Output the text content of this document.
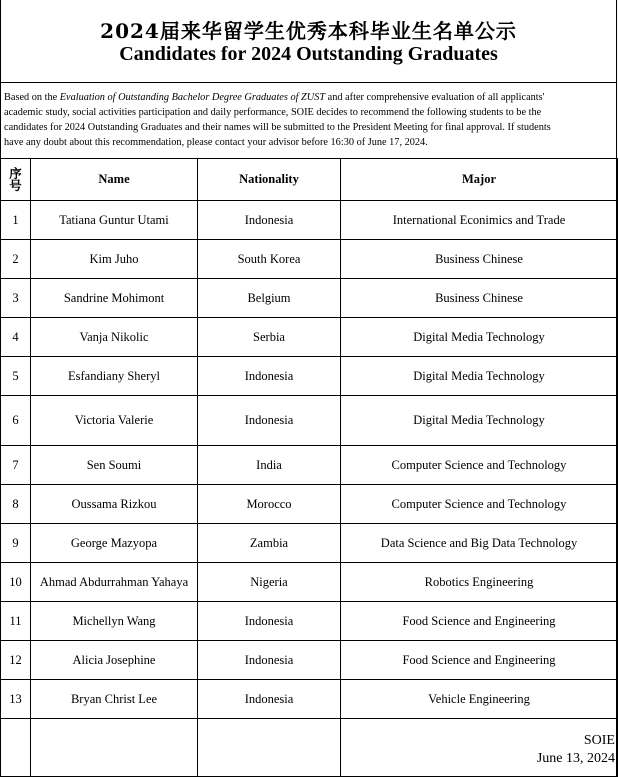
2024届来华留学生优秀本科毕业生名单公示
Candidates for 2024 Outstanding Graduates
Based on the Evaluation of Outstanding Bachelor Degree Graduates of ZUST and after comprehensive evaluation of all applicants'
academic study, social activities participation and daily performance, SOIE decides to recommend the following students to be the
candidates for 2024 Outstanding Graduates and their names will be submitted to the President Meeting for final approval. If students
have any doubt about this recommendation, please contact your advisor before 16:30 of June 17, 2024.
序
号	Name	Nationality	Major
1	Tatiana Guntur Utami	Indonesia	International Econimics and Trade
2	Kim Juho	South Korea	Business Chinese
3	Sandrine Mohimont	Belgium	Business Chinese
4	Vanja Nikolic	Serbia	Digital Media Technology
5	Esfandiany Sheryl	Indonesia	Digital Media Technology
6	Victoria Valerie	Indonesia	Digital Media Technology
7	Sen Soumi	India	Computer Science and Technology
8	Oussama Rizkou	Morocco	Computer Science and Technology
9	George Mazyopa	Zambia	Data Science and Big Data Technology
10	Ahmad Abdurrahman Yahaya	Nigeria	Robotics Engineering
11	Michellyn Wang	Indonesia	Food Science and Engineering
12	Alicia Josephine	Indonesia	Food Science and Engineering
13	Bryan Christ Lee	Indonesia	Vehicle Engineering

SOIE
June 13, 2024
